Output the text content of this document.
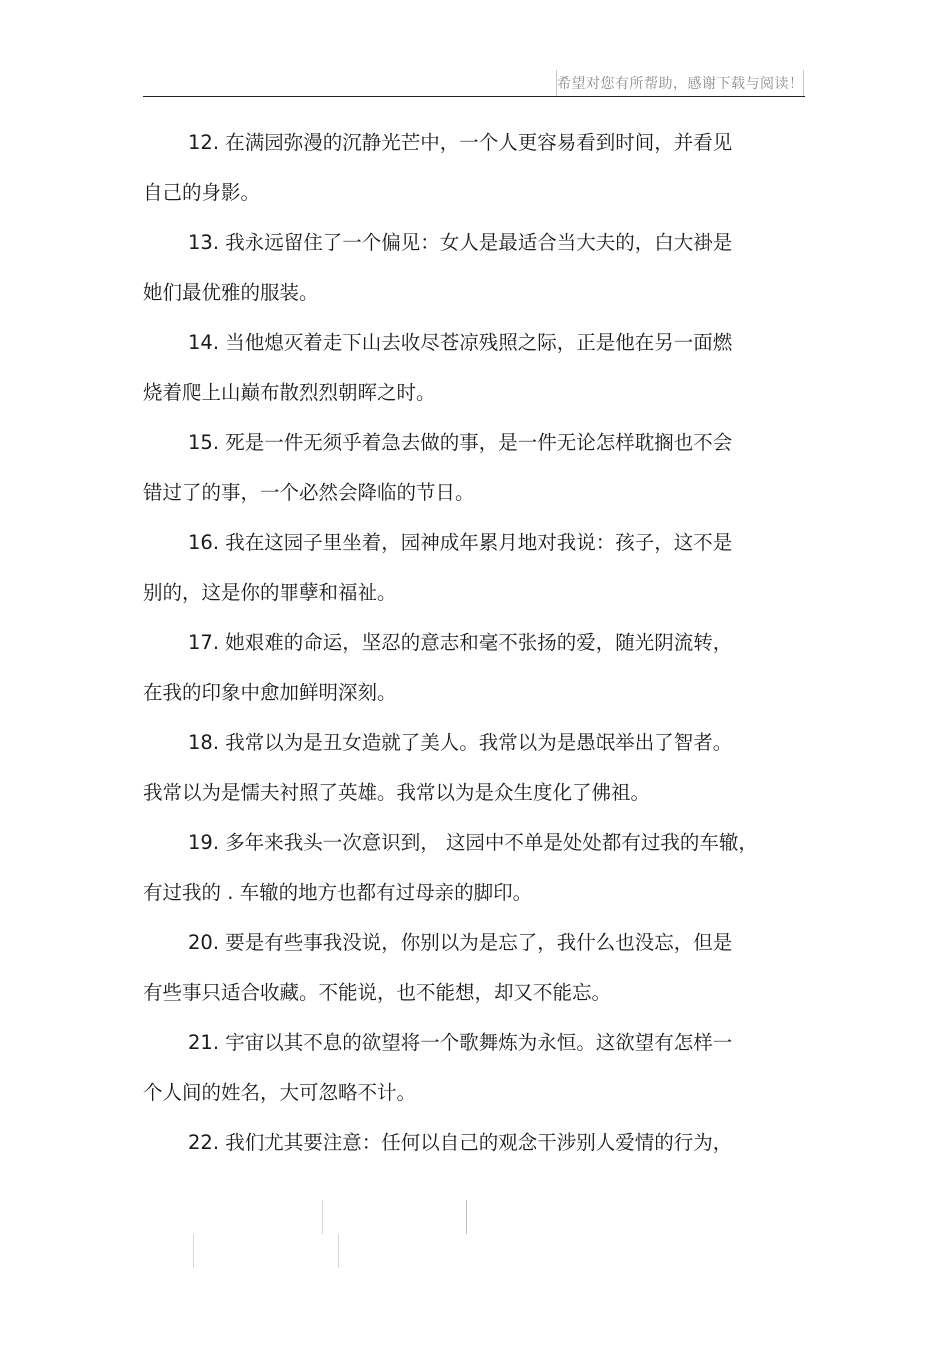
希望对您有所帮助，感谢下载与阅读！
12. 在满园弥漫的沉静光芒中，一个人更容易看到时间，并看见
自己的身影。
13. 我永远留住了一个偏见：女人是最适合当大夫的，白大褂是
她们最优雅的服装。
14. 当他熄灭着走下山去收尽苍凉残照之际，正是他在另一面燃
烧着爬上山巅布散烈烈朝晖之时。
15. 死是一件无须乎着急去做的事，是一件无论怎样耽搁也不会
错过了的事，一个必然会降临的节日。
16. 我在这园子里坐着，园神成年累月地对我说：孩子，这不是
别的，这是你的罪孽和福祉。
17. 她艰难的命运，坚忍的意志和毫不张扬的爱，随光阴流转，
在我的印象中愈加鲜明深刻。
18. 我常以为是丑女造就了美人。我常以为是愚氓举出了智者。
我常以为是懦夫衬照了英雄。我常以为是众生度化了佛祖。
19. 多年来我头一次意识到， 这园中不单是处处都有过我的车辙，
有过我的 . 车辙的地方也都有过母亲的脚印。
20. 要是有些事我没说，你别以为是忘了，我什么也没忘，但是
有些事只适合收藏。不能说，也不能想，却又不能忘。
21. 宇宙以其不息的欲望将一个歌舞炼为永恒。这欲望有怎样一
个人间的姓名，大可忽略不计。
22. 我们尤其要注意：任何以自己的观念干涉别人爱情的行为，
